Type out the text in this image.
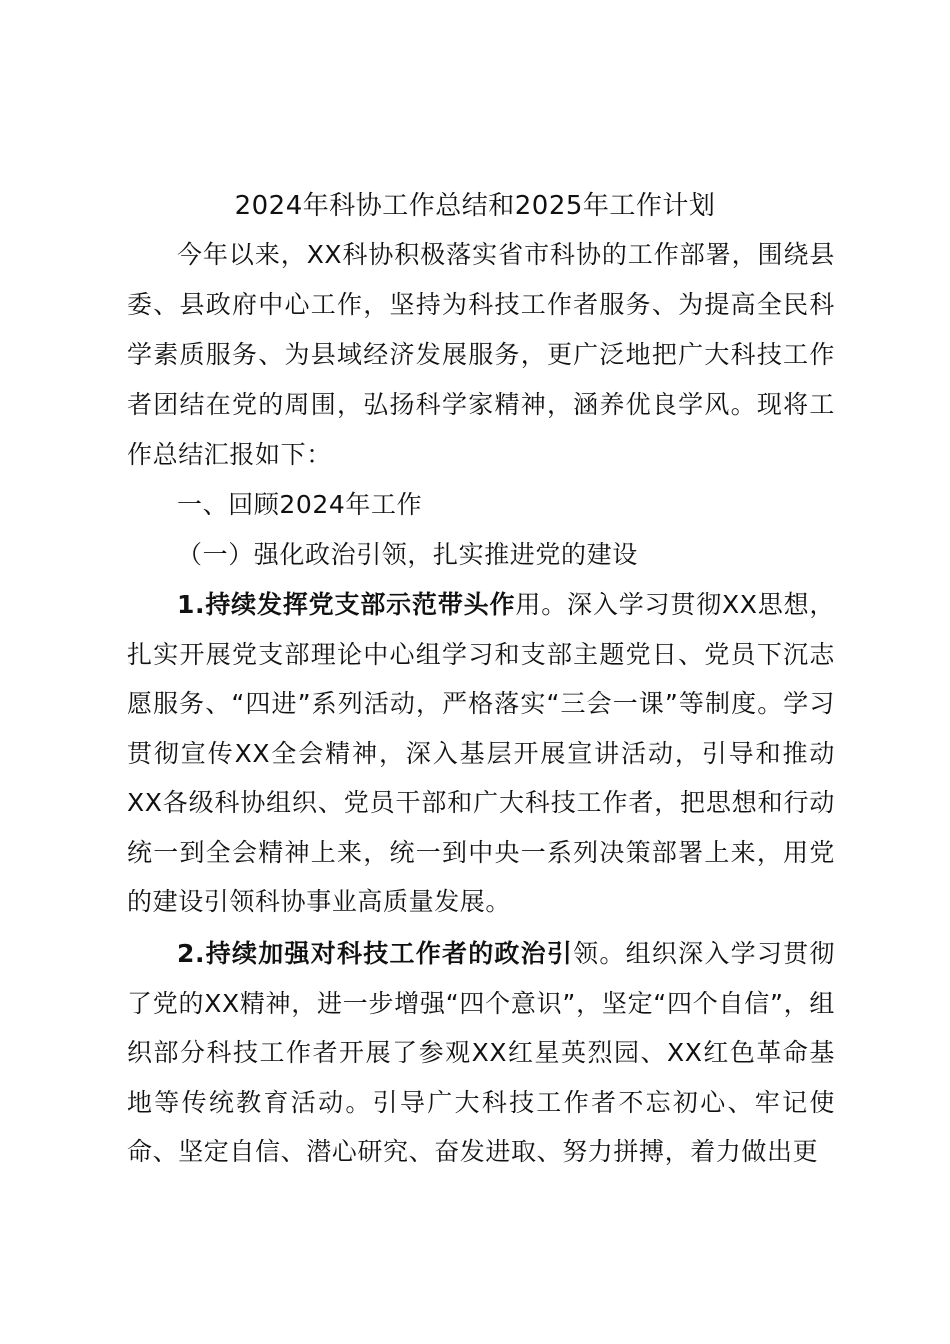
2024年科协工作总结和2025年工作计划

今年以来，XX科协积极落实省市科协的工作部署，围绕县委、县政府中心工作，坚持为科技工作者服务、为提高全民科学素质服务、为县域经济发展服务，更广泛地把广大科技工作者团结在党的周围，弘扬科学家精神，涵养优良学风。现将工作总结汇报如下：

一、回顾2024年工作

（一）强化政治引领，扎实推进党的建设

1.持续发挥党支部示范带头作用。深入学习贯彻XX思想，扎实开展党支部理论中心组学习和支部主题党日、党员下沉志愿服务、“四进”系列活动，严格落实“三会一课”等制度。学习贯彻宣传XX全会精神，深入基层开展宣讲活动，引导和推动XX各级科协组织、党员干部和广大科技工作者，把思想和行动统一到全会精神上来，统一到中央一系列决策部署上来，用党的建设引领科协事业高质量发展。

2.持续加强对科技工作者的政治引领。组织深入学习贯彻了党的XX精神，进一步增强“四个意识”，坚定“四个自信”，组织部分科技工作者开展了参观XX红星英烈园、XX红色革命基地等传统教育活动。引导广大科技工作者不忘初心、牢记使命、坚定自信、潜心研究、奋发进取、努力拼搏，着力做出更
